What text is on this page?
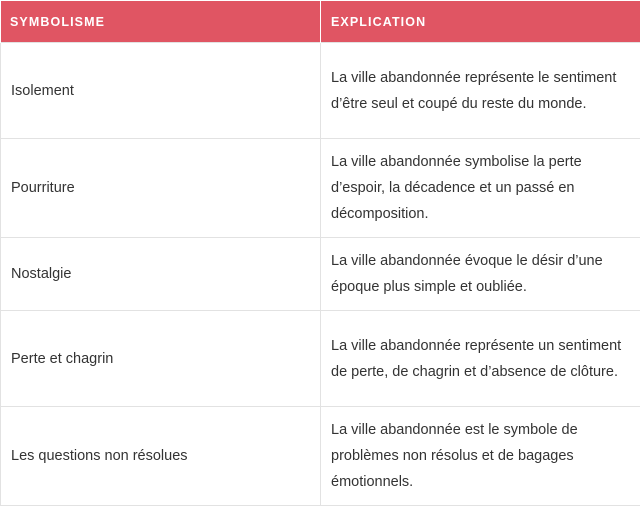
SYMBOLISME	EXPLICATION
Isolement	La ville abandonnée représente le sentiment d’être seul et coupé du reste du monde.
Pourriture	La ville abandonnée symbolise la perte d’espoir, la décadence et un passé en décomposition.
Nostalgie	La ville abandonnée évoque le désir d’une époque plus simple et oubliée.
Perte et chagrin	La ville abandonnée représente un sentiment de perte, de chagrin et d’absence de clôture.
Les questions non résolues	La ville abandonnée est le symbole de problèmes non résolus et de bagages émotionnels.
